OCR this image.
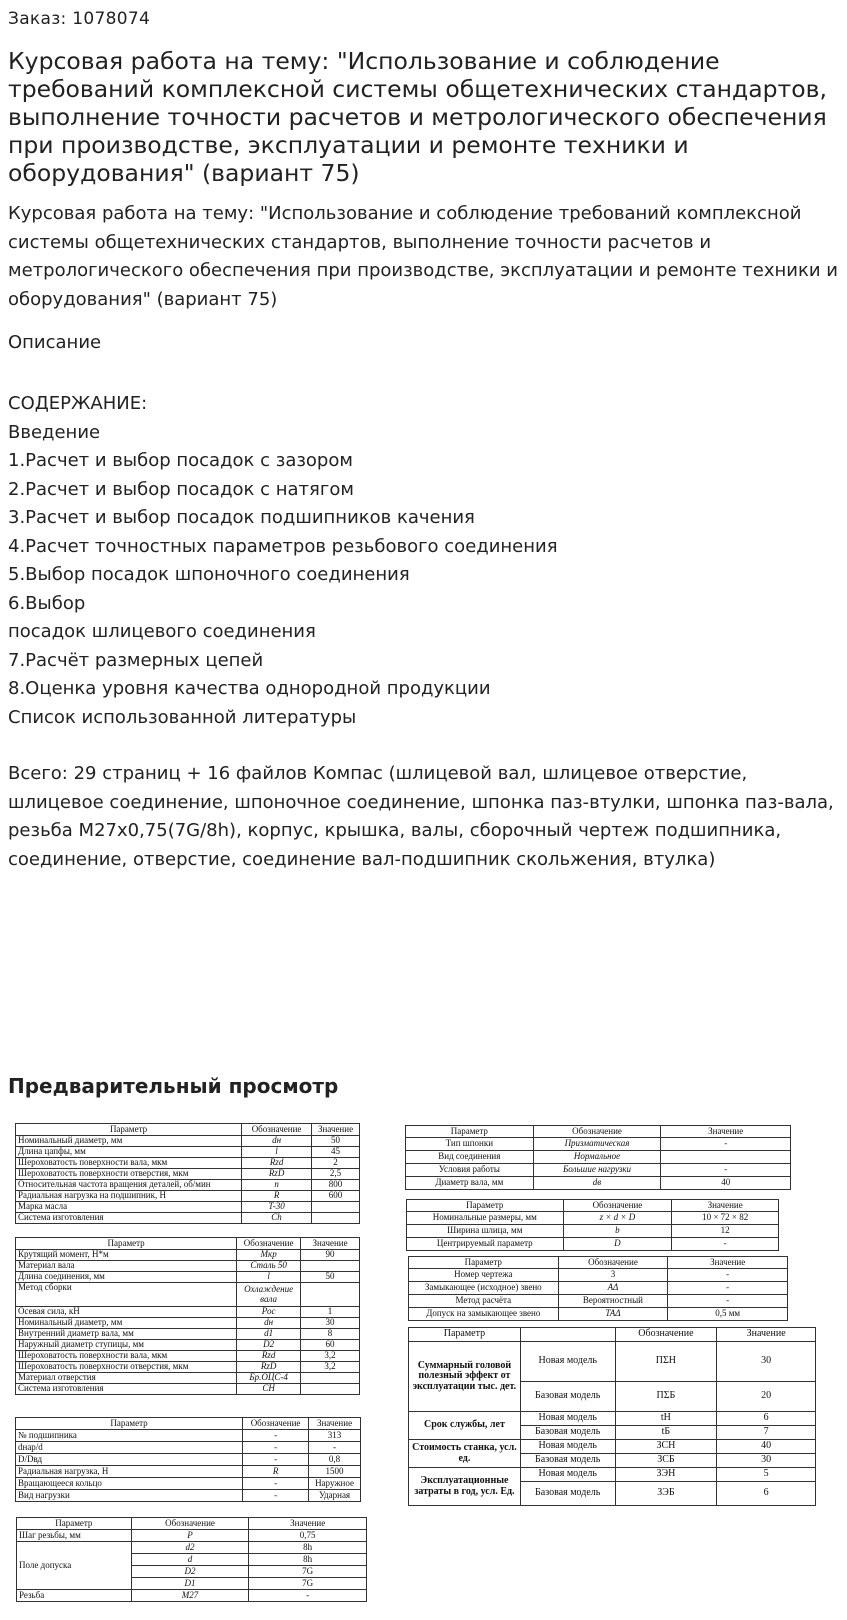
Заказ: 1078074
Курсовая работа на тему: "Использование и соблюдение требований комплексной системы общетехнических стандартов, выполнение точности расчетов и метрологического обеспечения при производстве, эксплуатации и ремонте техники и оборудования" (вариант 75)

Курсовая работа на тему: "Использование и соблюдение требований комплексной системы общетехнических стандартов, выполнение точности расчетов и метрологического обеспечения при производстве, эксплуатации и ремонте техники и оборудования" (вариант 75)

Описание

СОДЕРЖАНИЕ:
Введение
1.Расчет и выбор посадок с зазором
2.Расчет и выбор посадок с натягом
3.Расчет и выбор посадок подшипников качения
4.Расчет точностных параметров резьбового соединения
5.Выбор посадок шпоночного соединения
6.Выбор
посадок шлицевого соединения
7.Расчёт размерных цепей
8.Оценка уровня качества однородной продукции
Список использованной литературы

Всего: 29 страниц + 16 файлов Компас (шлицевой вал, шлицевое отверстие, шлицевое соединение, шпоночное соединение, шпонка паз-втулки, шпонка паз-вала, резьба М27х0,75(7G/8h), корпус, крышка, валы, сборочный чертеж подшипника, соединение, отверстие, соединение вал-подшипник скольжения, втулка)

Предварительный просмотр
Параметр	Обозначение	Значение
Номинальный диаметр, мм	dн	50
Длина цапфы, мм	l	45
Шероховатость поверхности вала, мкм	Rzd	2
Шероховатость поверхности отверстия, мкм	RzD	2,5
Относительная частота вращения деталей, об/мин	n	800
Радиальная нагрузка на подшипник, Н	R	600
Марка масла	T-30	
Система изготовления	Ch	
Параметр	Обозначение	Значение
Крутящий момент, Н*м	Мкр	90
Материал вала	Сталь 50	
Длина соединения, мм	l	50
Метод сборки	Охлаждение вала	
Осевая сила, кН	Рос	1
Номинальный диаметр, мм	dн	30
Внутренний диаметр вала, мм	d1	8
Наружный диаметр ступицы, мм	D2	60
Шероховатость поверхности вала, мкм	Rzd	3,2
Шероховатость поверхности отверстия, мкм	RzD	3,2
Материал отверстия	Бр.ОЦС-4	
Система изготовления	CH	
Параметр	Обозначение	Значение
№ подшипника	-	313
dнар/d	-	-
D/Dвд	-	0,8
Радиальная нагрузка, Н	R	1500
Вращающееся кольцо	-	Наружное
Вид нагрузки	-	Ударная
Параметр	Обозначение	Значение
Шаг резьбы, мм	P	0,75
Поле допуска	d2	8h
	d	8h
	D2	7G
	D1	7G
Резьба	М27	-
Параметр	Обозначение	Значение
Тип шпонки	Призматическая	-
Вид соединения	Нормальное	
Условия работы	Большие нагрузки	-
Диаметр вала, мм	dв	40
Параметр	Обозначение	Значение
Номинальные размеры, мм	z × d × D	10 × 72 × 82
Ширина шлица, мм	b	12
Центрируемый параметр	D	-
Параметр	Обозначение	Значение
Номер чертежа	3	-
Замыкающее (исходное) звено	AΔ	-
Метод расчёта	Вероятностный	-
Допуск на замыкающее звено	TAΔ	0,5 мм
Параметр		Обозначение	Значение
Суммарный головой полезный эффект от эксплуатации тыс. дет.	Новая модель	ПΣН	30
	Базовая модель	ПΣБ	20
Срок службы, лет	Новая модель	tН	6
	Базовая модель	tБ	7
Стоимость станка, усл. ед.	Новая модель	ЗСН	40
	Базовая модель	ЗСБ	30
Эксплуатационные затраты в год, усл. Ед.	Новая модель	ЗЭН	5
	Базовая модель	ЗЭБ	6
